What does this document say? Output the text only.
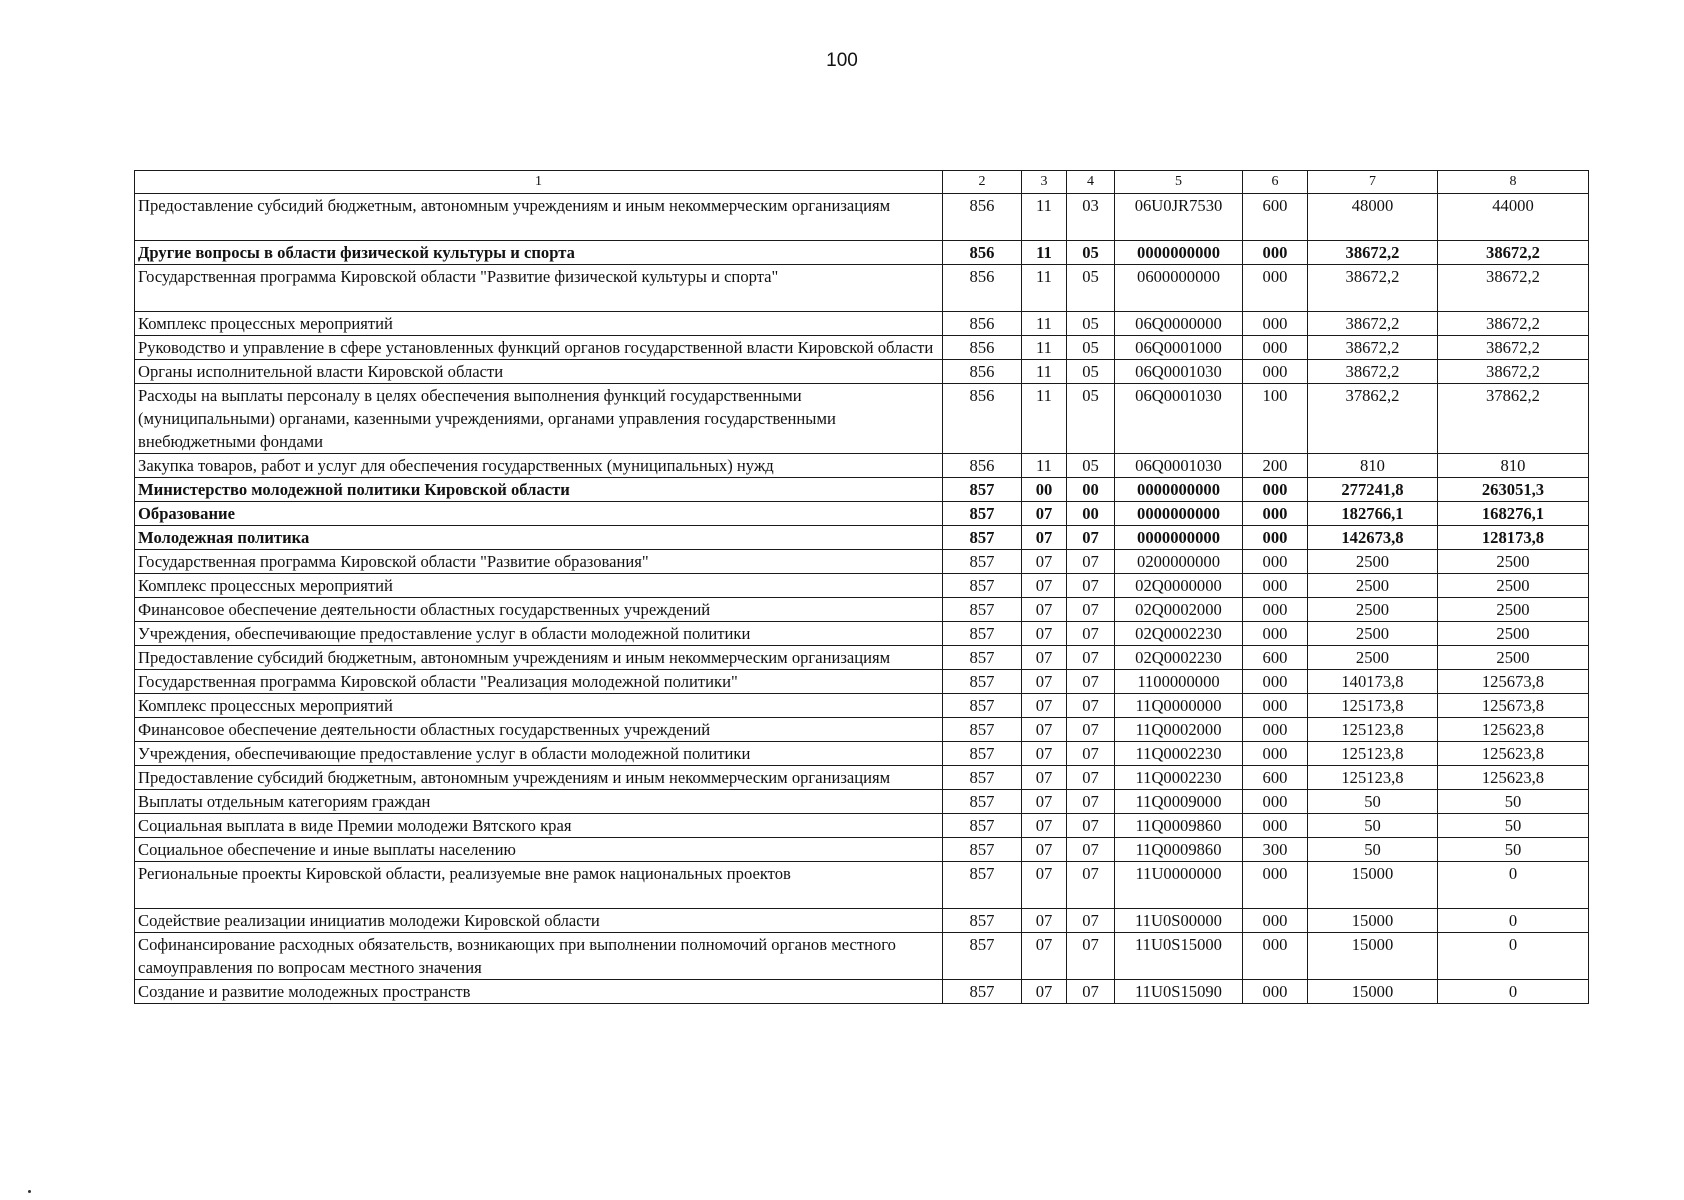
100
1	2	3	4	5	6	7	8
Предоставление субсидий бюджетным, автономным учреждениям и иным некоммерческим организациям	856	11	03	06U0JR7530	600	48000	44000
Другие вопросы в области физической культуры и спорта	856	11	05	0000000000	000	38672,2	38672,2
Государственная программа Кировской области "Развитие физической культуры и спорта"	856	11	05	0600000000	000	38672,2	38672,2
Комплекс процессных мероприятий	856	11	05	06Q0000000	000	38672,2	38672,2
Руководство и управление в сфере установленных функций органов государственной власти Кировской области	856	11	05	06Q0001000	000	38672,2	38672,2
Органы исполнительной власти Кировской области	856	11	05	06Q0001030	000	38672,2	38672,2
Расходы на выплаты персоналу в целях обеспечения выполнения функций государственными (муниципальными) органами, казенными учреждениями, органами управления государственными внебюджетными фондами	856	11	05	06Q0001030	100	37862,2	37862,2
Закупка товаров, работ и услуг для обеспечения государственных (муниципальных) нужд	856	11	05	06Q0001030	200	810	810
Министерство молодежной политики Кировской области	857	00	00	0000000000	000	277241,8	263051,3
Образование	857	07	00	0000000000	000	182766,1	168276,1
Молодежная политика	857	07	07	0000000000	000	142673,8	128173,8
Государственная программа Кировской области "Развитие образования"	857	07	07	0200000000	000	2500	2500
Комплекс процессных мероприятий	857	07	07	02Q0000000	000	2500	2500
Финансовое обеспечение деятельности областных государственных учреждений	857	07	07	02Q0002000	000	2500	2500
Учреждения, обеспечивающие предоставление услуг в области молодежной политики	857	07	07	02Q0002230	000	2500	2500
Предоставление субсидий бюджетным, автономным учреждениям и иным некоммерческим организациям	857	07	07	02Q0002230	600	2500	2500
Государственная программа Кировской области "Реализация молодежной политики"	857	07	07	1100000000	000	140173,8	125673,8
Комплекс процессных мероприятий	857	07	07	11Q0000000	000	125173,8	125673,8
Финансовое обеспечение деятельности областных государственных учреждений	857	07	07	11Q0002000	000	125123,8	125623,8
Учреждения, обеспечивающие предоставление услуг в области молодежной политики	857	07	07	11Q0002230	000	125123,8	125623,8
Предоставление субсидий бюджетным, автономным учреждениям и иным некоммерческим организациям	857	07	07	11Q0002230	600	125123,8	125623,8
Выплаты отдельным категориям граждан	857	07	07	11Q0009000	000	50	50
Социальная выплата в виде Премии молодежи Вятского края	857	07	07	11Q0009860	000	50	50
Социальное обеспечение и иные выплаты населению	857	07	07	11Q0009860	300	50	50
Региональные проекты Кировской области, реализуемые вне рамок национальных проектов	857	07	07	11U0000000	000	15000	0
Содействие реализации инициатив молодежи Кировской области	857	07	07	11U0S00000	000	15000	0
Софинансирование расходных обязательств, возникающих при выполнении полномочий органов местного самоуправления по вопросам местного значения	857	07	07	11U0S15000	000	15000	0
Создание и развитие молодежных пространств	857	07	07	11U0S15090	000	15000	0
